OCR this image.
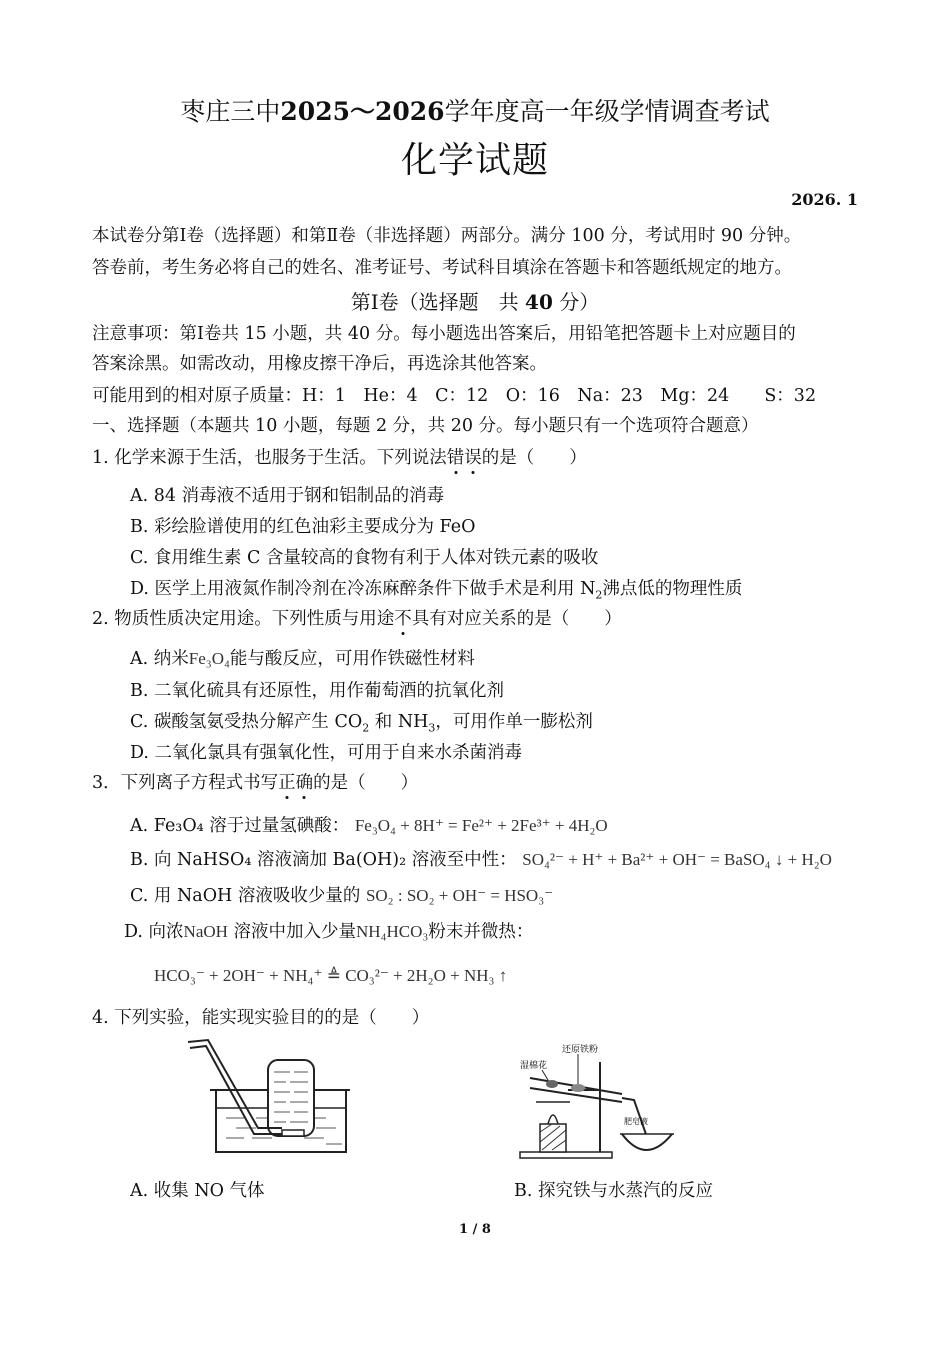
枣庄三中2025～2026学年度高一年级学情调查考试
化学试题
2026. 1
本试卷分第Ⅰ卷（选择题）和第Ⅱ卷（非选择题）两部分。满分 100 分，考试用时 90 分钟。
答卷前，考生务必将自己的姓名、准考证号、考试科目填涂在答题卡和答题纸规定的地方。
第Ⅰ卷（选择题　共 40 分）
注意事项：第Ⅰ卷共 15 小题，共 40 分。每小题选出答案后，用铅笔把答题卡上对应题目的
答案涂黑。如需改动，用橡皮擦干净后，再选涂其他答案。
可能用到的相对原子质量：H：1　He：4　C：12　O：16　Na：23　Mg：24　　S：32
一、选择题（本题共 10 小题，每题 2 分，共 20 分。每小题只有一个选项符合题意）
1. 化学来源于生活，也服务于生活。下列说法错误的是（　　）
A. 84 消毒液不适用于钢和铝制品的消毒
B. 彩绘脸谱使用的红色油彩主要成分为 FeO
C. 食用维生素 C 含量较高的食物有利于人体对铁元素的吸收
D. 医学上用液氮作制冷剂在冷冻麻醉条件下做手术是利用 $N_2$沸点低的物理性质
2. 物质性质决定用途。下列性质与用途不具有对应关系的是（　　）
A. 纳米Fe₃O₄能与酸反应，可用作铁磁性材料
B. 二氧化硫具有还原性，用作葡萄酒的抗氧化剂
C. 碳酸氢氨受热分解产生 $CO_2$ 和 $NH_3$，可用作单一膨松剂
D. 二氧化氯具有强氧化性，可用于自来水杀菌消毒
3．下列离子方程式书写正确的是（　　）
A. Fe₃O₄ 溶于过量氢碘酸： Fe₃O₄ + 8H⁺ = Fe²⁺ + 2Fe³⁺ + 4H₂O
B. 向 NaHSO₄ 溶液滴加 Ba(OH)₂ 溶液至中性： SO₄²⁻ + H⁺ + Ba²⁺ + OH⁻ = BaSO₄ ↓ + H₂O
C. 用 NaOH 溶液吸收少量的 SO₂ : SO₂ + OH⁻ = HSO₃⁻
D. 向浓NaOH 溶液中加入少量NH₄HCO₃粉末并微热：
HCO₃⁻ + 2OH⁻ + NH₄⁺ ≜ CO₃²⁻ + 2H₂O + NH₃ ↑
4. 下列实验，能实现实验目的的是（　　）
湿棉花
还原铁粉
肥皂液
A. 收集 NO 气体	B. 探究铁与水蒸汽的反应
1 / 8
